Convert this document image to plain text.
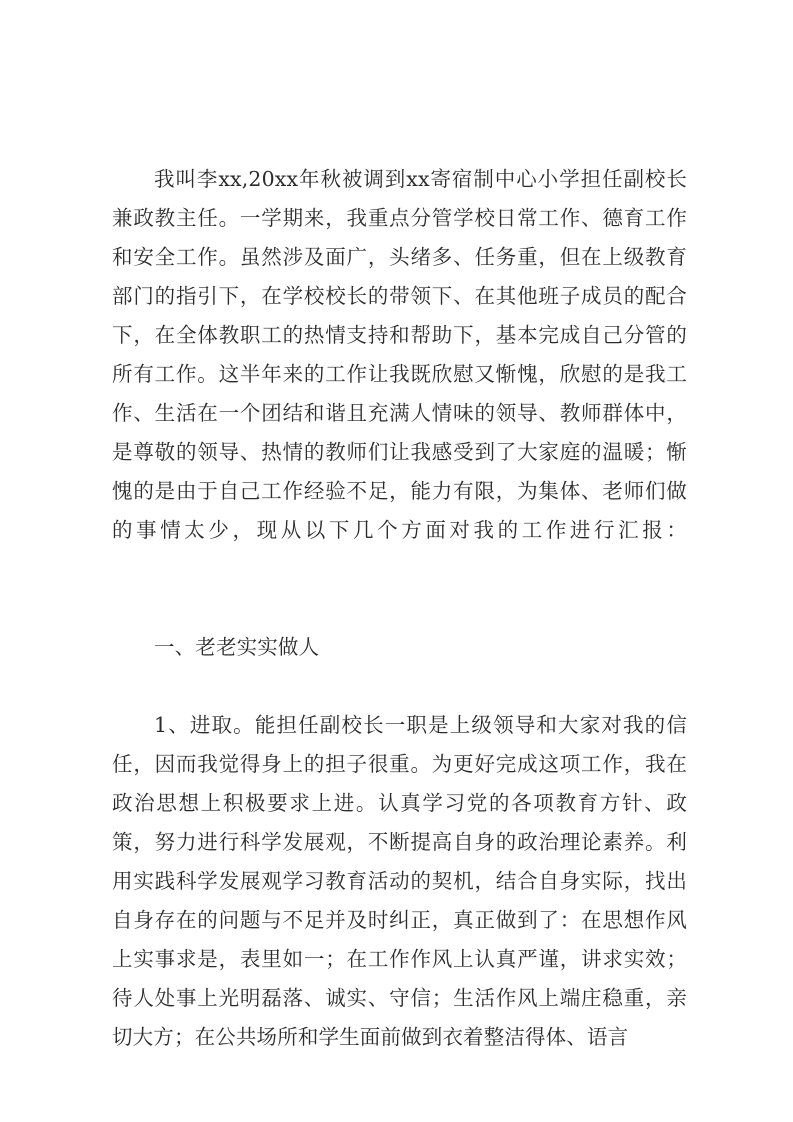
我叫李xx,20xx年秋被调到xx寄宿制中心小学担任副校长兼政教主任。一学期来，我重点分管学校日常工作、德育工作和安全工作。虽然涉及面广，头绪多、任务重，但在上级教育部门的指引下，在学校校长的带领下、在其他班子成员的配合下，在全体教职工的热情支持和帮助下，基本完成自己分管的所有工作。这半年来的工作让我既欣慰又惭愧，欣慰的是我工作、生活在一个团结和谐且充满人情味的领导、教师群体中，是尊敬的领导、热情的教师们让我感受到了大家庭的温暖；惭愧的是由于自己工作经验不足，能力有限，为集体、老师们做的事情太少，现从以下几个方面对我的工作进行汇报：

一、老老实实做人

1、进取。能担任副校长一职是上级领导和大家对我的信任，因而我觉得身上的担子很重。为更好完成这项工作，我在政治思想上积极要求上进。认真学习党的各项教育方针、政策，努力进行科学发展观，不断提高自身的政治理论素养。利用实践科学发展观学习教育活动的契机，结合自身实际，找出自身存在的问题与不足并及时纠正，真正做到了：在思想作风上实事求是，表里如一；在工作作风上认真严谨，讲求实效；待人处事上光明磊落、诚实、守信；生活作风上端庄稳重，亲切大方；在公共场所和学生面前做到衣着整洁得体、语言
